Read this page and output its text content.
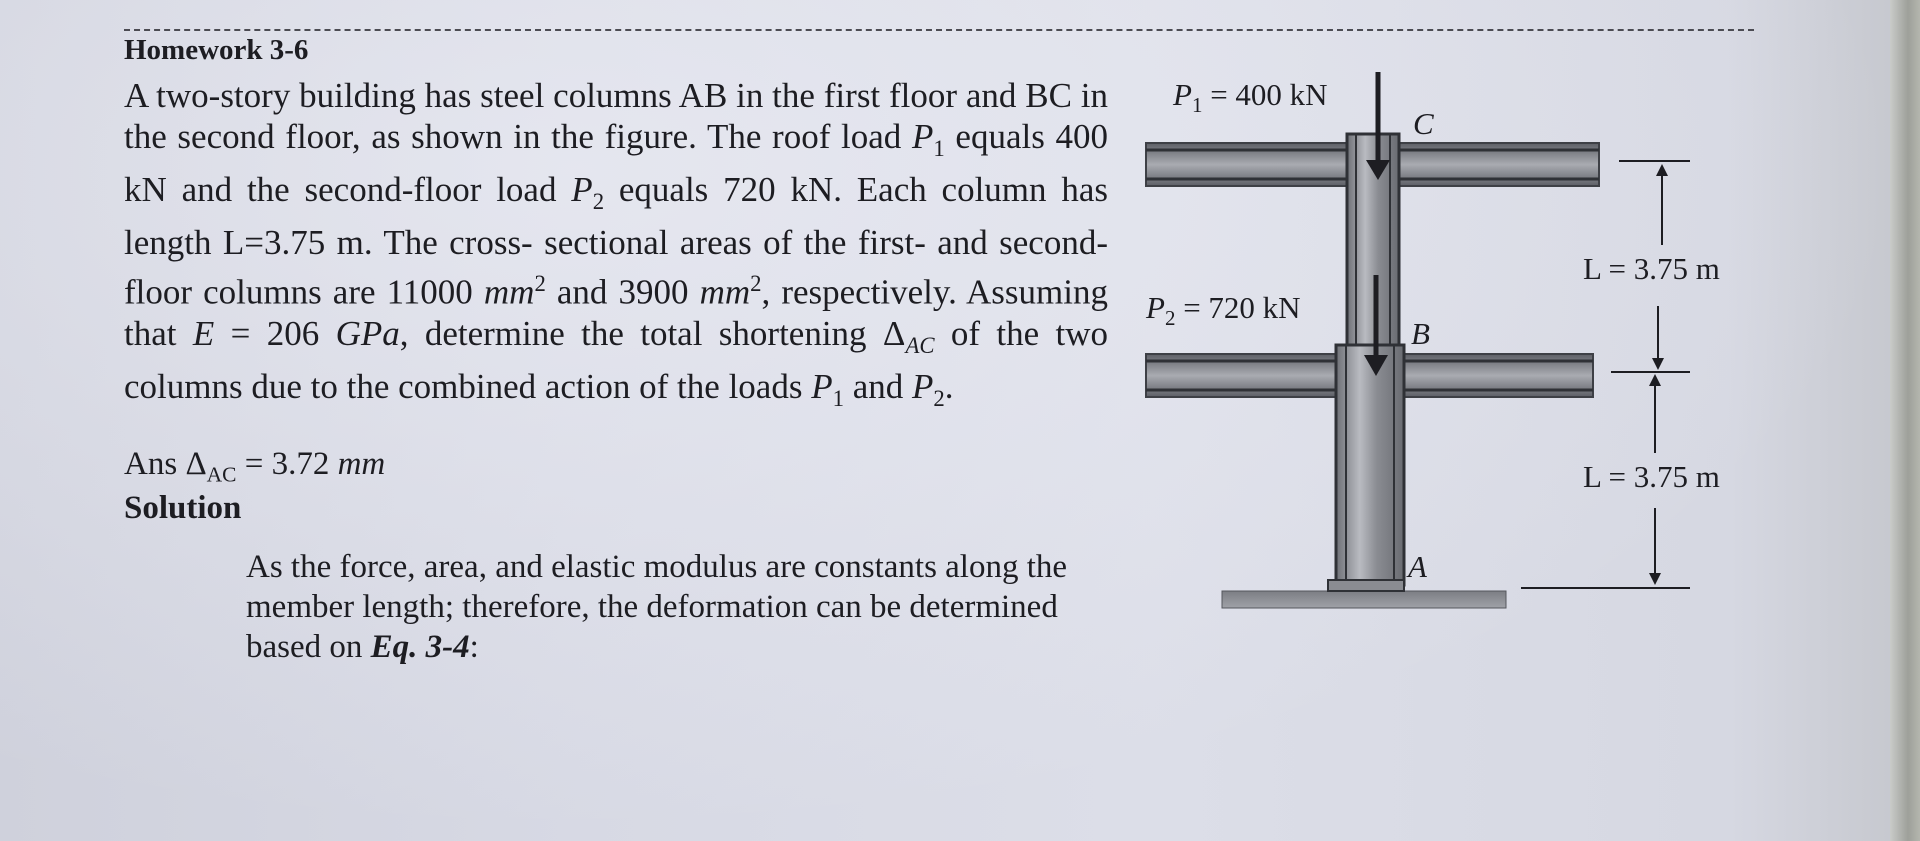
Homework 3-6
A two-story building has steel columns AB in the first floor and BC in the second floor, as shown in the figure. The roof load $P_1$ equals 400 kN and the second-floor load $P_2$ equals 720 kN. Each column has length L=3.75 m. The cross- sectional areas of the first- and second-floor columns are 11000 $mm^2$ and 3900 $mm^2$, respectively. Assuming that E = 206 GPa, determine the total shortening $\Delta_{AC}$ of the two columns due to the combined action of the loads $P_1$ and $P_2$.
Ans $\Delta_{AC} = 3.72$ mm
Solution
As the force, area, and elastic modulus are constants along the member length; therefore, the deformation can be determined based on Eq. 3-4:
$P_1 = 400$ kN
$P_2 = 720$ kN
C
B
A
L = 3.75 m
L = 3.75 m
